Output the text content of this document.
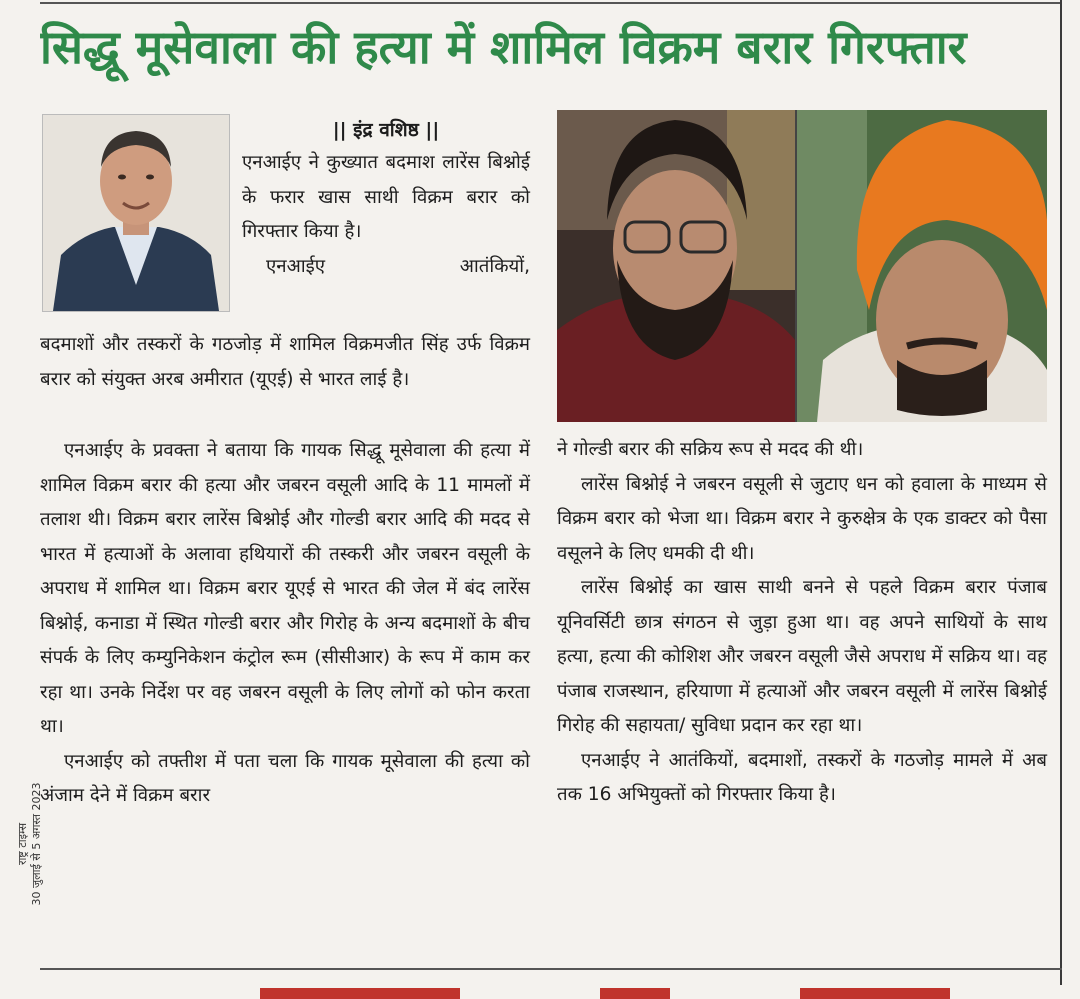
सिद्धू मूसेवाला की हत्या में शामिल विक्रम बरार गिरफ्तार
|| इंद्र वशिष्ठ ||

एनआईए ने कुख्यात बदमाश लारेंस बिश्नोई के फरार खास साथी विक्रम बरार को गिरफ्तार किया है।

एनआईए आतंकियों,

बदमाशों और तस्करों के गठजोड़ में शामिल विक्रमजीत सिंह उर्फ विक्रम बरार को संयुक्त अरब अमीरात (यूएई) से भारत लाई है।

एनआईए के प्रवक्ता ने बताया कि गायक सिद्धू मूसेवाला की हत्या में शामिल विक्रम बरार की हत्या और जबरन वसूली आदि के 11 मामलों में तलाश थी। विक्रम बरार लारेंस बिश्नोई और गोल्डी बरार आदि की मदद से भारत में हत्याओं के अलावा हथियारों की तस्करी और जबरन वसूली के अपराध में शामिल था। विक्रम बरार यूएई से भारत की जेल में बंद लारेंस बिश्नोई, कनाडा में स्थित गोल्डी बरार और गिरोह के अन्य बदमाशों के बीच संपर्क के लिए कम्युनिकेशन कंट्रोल रूम (सीसीआर) के रूप में काम कर रहा था। उनके निर्देश पर वह जबरन वसूली के लिए लोगों को फोन करता था।

एनआईए को तफ्तीश में पता चला कि गायक मूसेवाला की हत्या को अंजाम देने में विक्रम बरार

ने गोल्डी बरार की सक्रिय रूप से मदद की थी।

लारेंस बिश्नोई ने जबरन वसूली से जुटाए धन को हवाला के माध्यम से विक्रम बरार को भेजा था। विक्रम बरार ने कुरुक्षेत्र के एक डाक्टर को पैसा वसूलने के लिए धमकी दी थी।

लारेंस बिश्नोई का खास साथी बनने से पहले विक्रम बरार पंजाब यूनिवर्सिटी छात्र संगठन से जुड़ा हुआ था। वह अपने साथियों के साथ हत्या, हत्या की कोशिश और जबरन वसूली जैसे अपराध में सक्रिय था। वह पंजाब राजस्थान, हरियाणा में हत्याओं और जबरन वसूली में लारेंस बिश्नोई गिरोह की सहायता/ सुविधा प्रदान कर रहा था।

एनआईए ने आतंकियों, बदमाशों, तस्करों के गठजोड़ मामले में अब तक 16 अभियुक्तों को गिरफ्तार किया है।

राष्ट्र टाइम्स 30 जुलाई से 5 अगस्त 2023
